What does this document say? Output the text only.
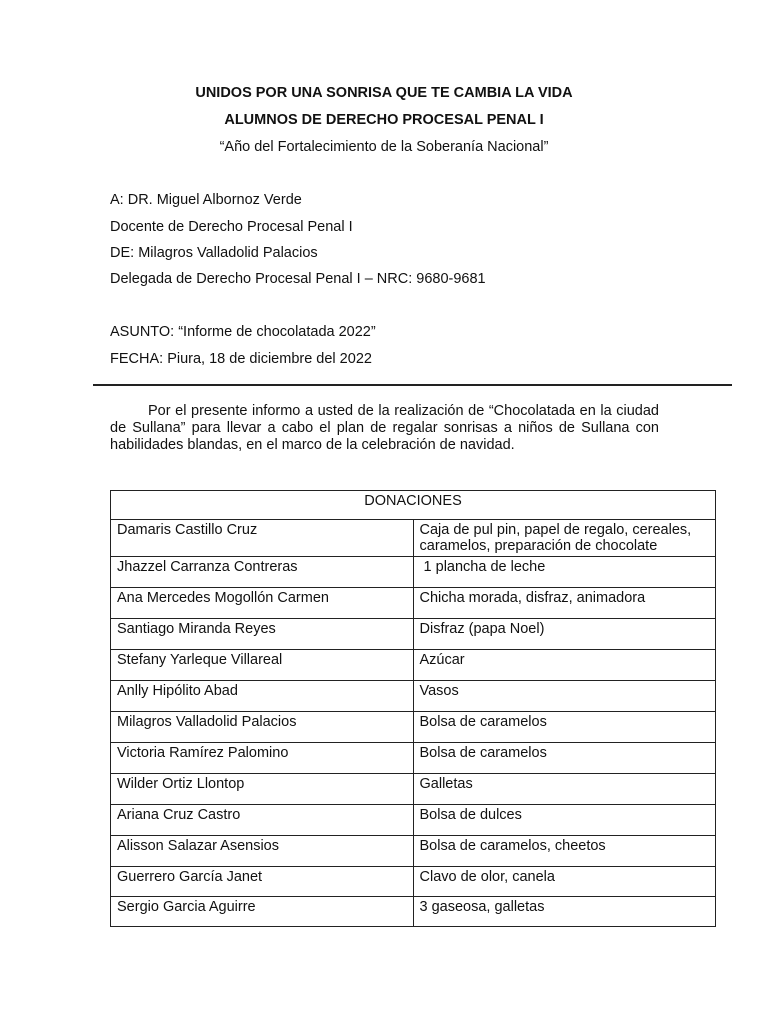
UNIDOS POR UNA SONRISA QUE TE CAMBIA LA VIDA
ALUMNOS DE DERECHO PROCESAL PENAL I
“Año del Fortalecimiento de la Soberanía Nacional”
A: DR. Miguel Albornoz Verde
Docente de Derecho Procesal Penal I
DE: Milagros Valladolid Palacios
Delegada de Derecho Procesal Penal I – NRC: 9680-9681
ASUNTO: “Informe de chocolatada 2022”
FECHA: Piura, 18 de diciembre del 2022

Por el presente informo a usted de la realización de “Chocolatada en la ciudad de Sullana” para llevar a cabo el plan de regalar sonrisas a niños de Sullana con habilidades blandas, en el marco de la celebración de navidad.

DONACIONES	
Damaris Castillo Cruz	Caja de pul pin, papel de regalo, cereales, caramelos, preparación de chocolate
Jhazzel Carranza Contreras	1 plancha de leche
Ana Mercedes Mogollón Carmen	Chicha morada, disfraz, animadora
Santiago Miranda Reyes	Disfraz (papa Noel)
Stefany Yarleque Villareal	Azúcar
Anlly Hipólito Abad	Vasos
Milagros Valladolid Palacios	Bolsa de caramelos
Victoria Ramírez Palomino	Bolsa de caramelos
Wilder Ortiz Llontop	Galletas
Ariana Cruz Castro	Bolsa de dulces
Alisson Salazar Asensios	Bolsa de caramelos, cheetos
Guerrero García Janet	Clavo de olor, canela
Sergio Garcia Aguirre	3 gaseosa, galletas
